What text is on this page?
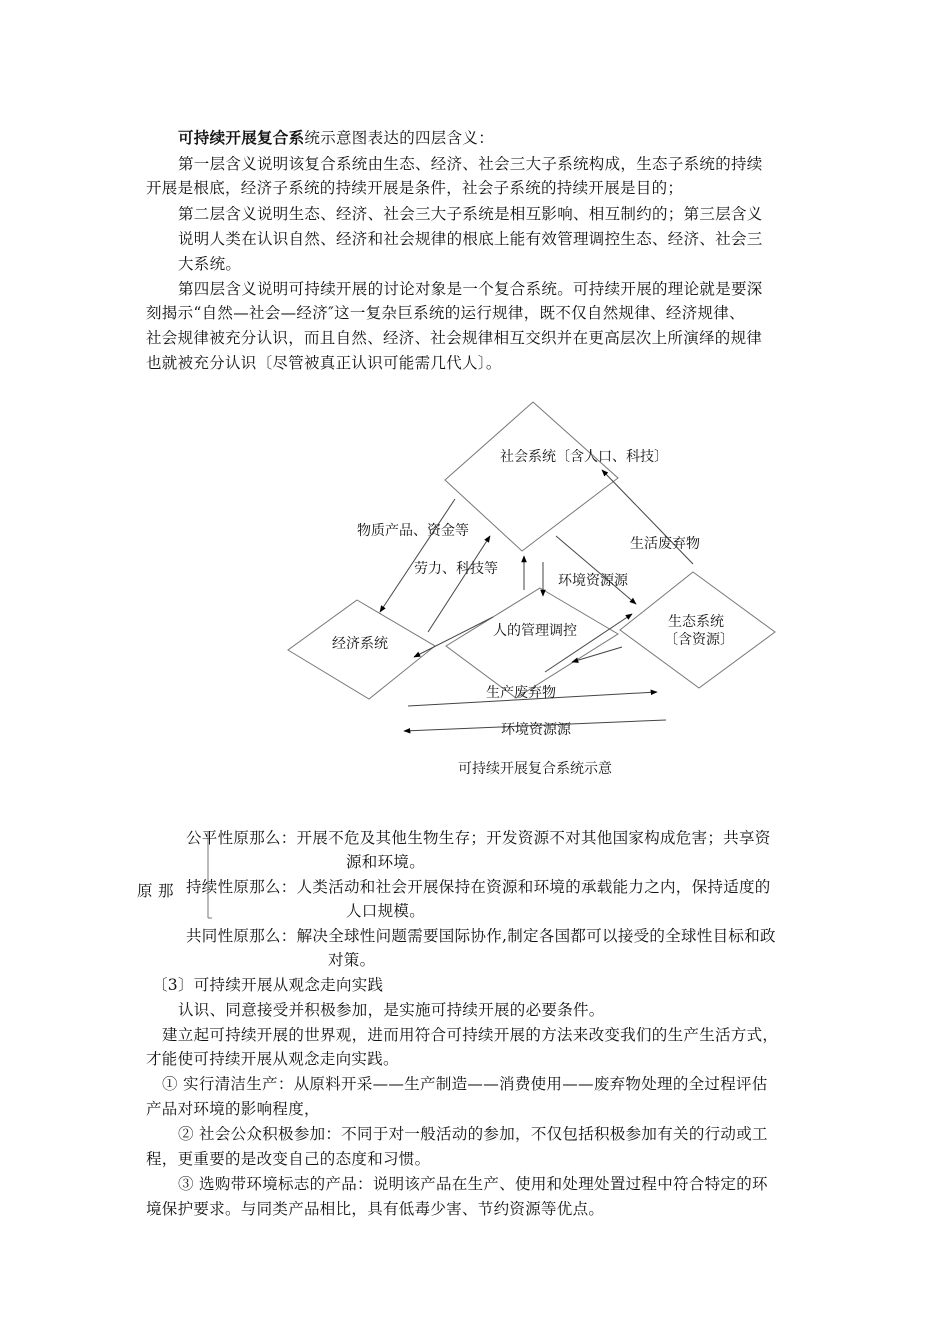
可持续开展复合系统示意图表达的四层含义：
第一层含义说明该复合系统由生态、经济、社会三大子系统构成，生态子系统的持续
开展是根底，经济子系统的持续开展是条件，社会子系统的持续开展是目的；
第二层含义说明生态、经济、社会三大子系统是相互影响、相互制约的；第三层含义
说明人类在认识自然、经济和社会规律的根底上能有效管理调控生态、经济、社会三
大系统。
第四层含义说明可持续开展的讨论对象是一个复合系统。可持续开展的理论就是要深
刻揭示“自然—社会—经济″这一复杂巨系统的运行规律，既不仅自然规律、经济规律、
社会规律被充分认识，而且自然、经济、社会规律相互交织并在更高层次上所演绎的规律
也就被充分认识〔尽管被真正认识可能需几代人〕。
社会系统〔含人口、科技〕
物质产品、资金等
生活废弃物
劳力、科技等
环境资源源
人的管理调控
生态系统
〔含资源〕
经济系统
生产废弃物
环境资源源
可持续开展复合系统示意
原 那
公平性原那么：开展不危及其他生物生存；开发资源不对其他国家构成危害；共享资
源和环境。
持续性原那么：人类活动和社会开展保持在资源和环境的承载能力之内，保持适度的
人口规模。
共同性原那么：解决全球性问题需要国际协作,制定各国都可以接受的全球性目标和政
对策。
〔3〕可持续开展从观念走向实践
认识、同意接受并积极参加，是实施可持续开展的必要条件。
建立起可持续开展的世界观，进而用符合可持续开展的方法来改变我们的生产生活方式，
才能使可持续开展从观念走向实践。
① 实行清洁生产：从原料开采——生产制造——消费使用——废弃物处理的全过程评估
产品对环境的影响程度，
② 社会公众积极参加：不同于对一般活动的参加，不仅包括积极参加有关的行动或工
程，更重要的是改变自己的态度和习惯。
③ 选购带环境标志的产品：说明该产品在生产、使用和处理处置过程中符合特定的环
境保护要求。与同类产品相比，具有低毒少害、节约资源等优点。
